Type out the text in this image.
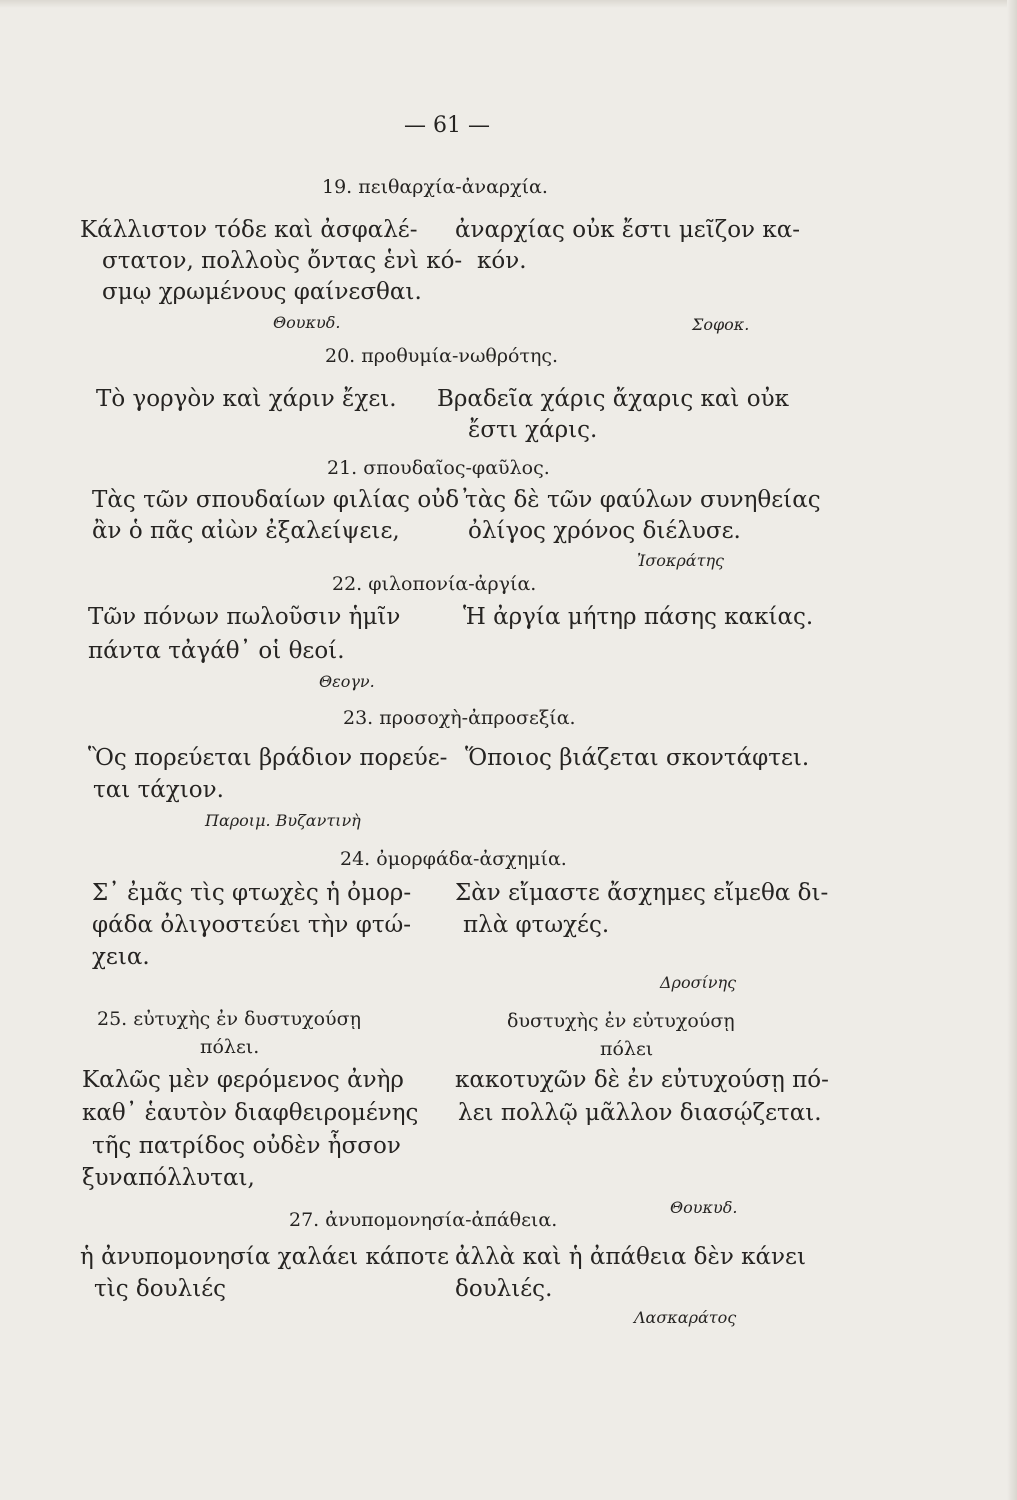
— 61 —

19. πειθαρχία-ἀναρχία.

Κάλλιστον τόδε καὶ ἀσφαλέ-

στατον, πολλοὺς ὄντας ἑνὶ κό-

σμῳ χρωμένους φαίνεσθαι.

ἀναρχίας οὐκ ἔστι μεῖζον κα-

κόν.

Θουκυδ.	Σοφοκ.

20. προθυμία-νωθρότης.

Τὸ γοργὸν καὶ χάριν ἔχει. Βραδεῖα χάρις ἄχαρις καὶ οὐκ

ἔστι χάρις.

21. σπουδαῖος-φαῦλος.

Τὰς τῶν σπουδαίων φιλίας οὐδ᾿

ἂν ὁ πᾶς αἰὼν ἐξαλείψειε,

τὰς δὲ τῶν φαύλων συνηθείας

ὀλίγος χρόνος διέλυσε.

Ἰσοκράτης

22. φιλοπονία-ἀργία.

Τῶν πόνων πωλοῦσιν ἡμῖν

πάντα τἀγάθ᾿ οἱ θεοί.

Ἡ ἀργία μήτηρ πάσης κακίας.

Θεογν.

23. προσοχὴ-ἀπροσεξία.

Ὃς πορεύεται βράδιον πορεύε-

ται τάχιον.

Ὅποιος βιάζεται σκοντάφτει.

Παροιμ. Βυζαντινὴ

24. ὀμορφάδα-ἀσχημία.

Σ᾿ ἐμᾶς τὶς φτωχὲς ἡ ὀμορ-

φάδα ὀλιγοστεύει τὴν φτώ-

χεια.

Σὰν εἴμαστε ἄσχημες εἴμεθα δι-

πλὰ φτωχές.

Δροσίνης

25. εὐτυχὴς ἐν δυστυχούσῃ

πόλει.

δυστυχὴς ἐν εὐτυχούσῃ

πόλει

Καλῶς μὲν φερόμενος ἀνὴρ

καθ᾿ ἑαυτὸν διαφθειρομένης

τῆς πατρίδος οὐδὲν ἧσσον

ξυναπόλλυται,

κακοτυχῶν δὲ ἐν εὐτυχούσῃ πό-

λει πολλῷ μᾶλλον διασῴζεται.

Θουκυδ.

27. ἀνυπομονησία-ἀπάθεια.

ἡ ἀνυπομονησία χαλάει κάποτε

τὶς δουλιές

ἀλλὰ καὶ ἡ ἀπάθεια δὲν κάνει

δουλιές.

Λασκαράτος
